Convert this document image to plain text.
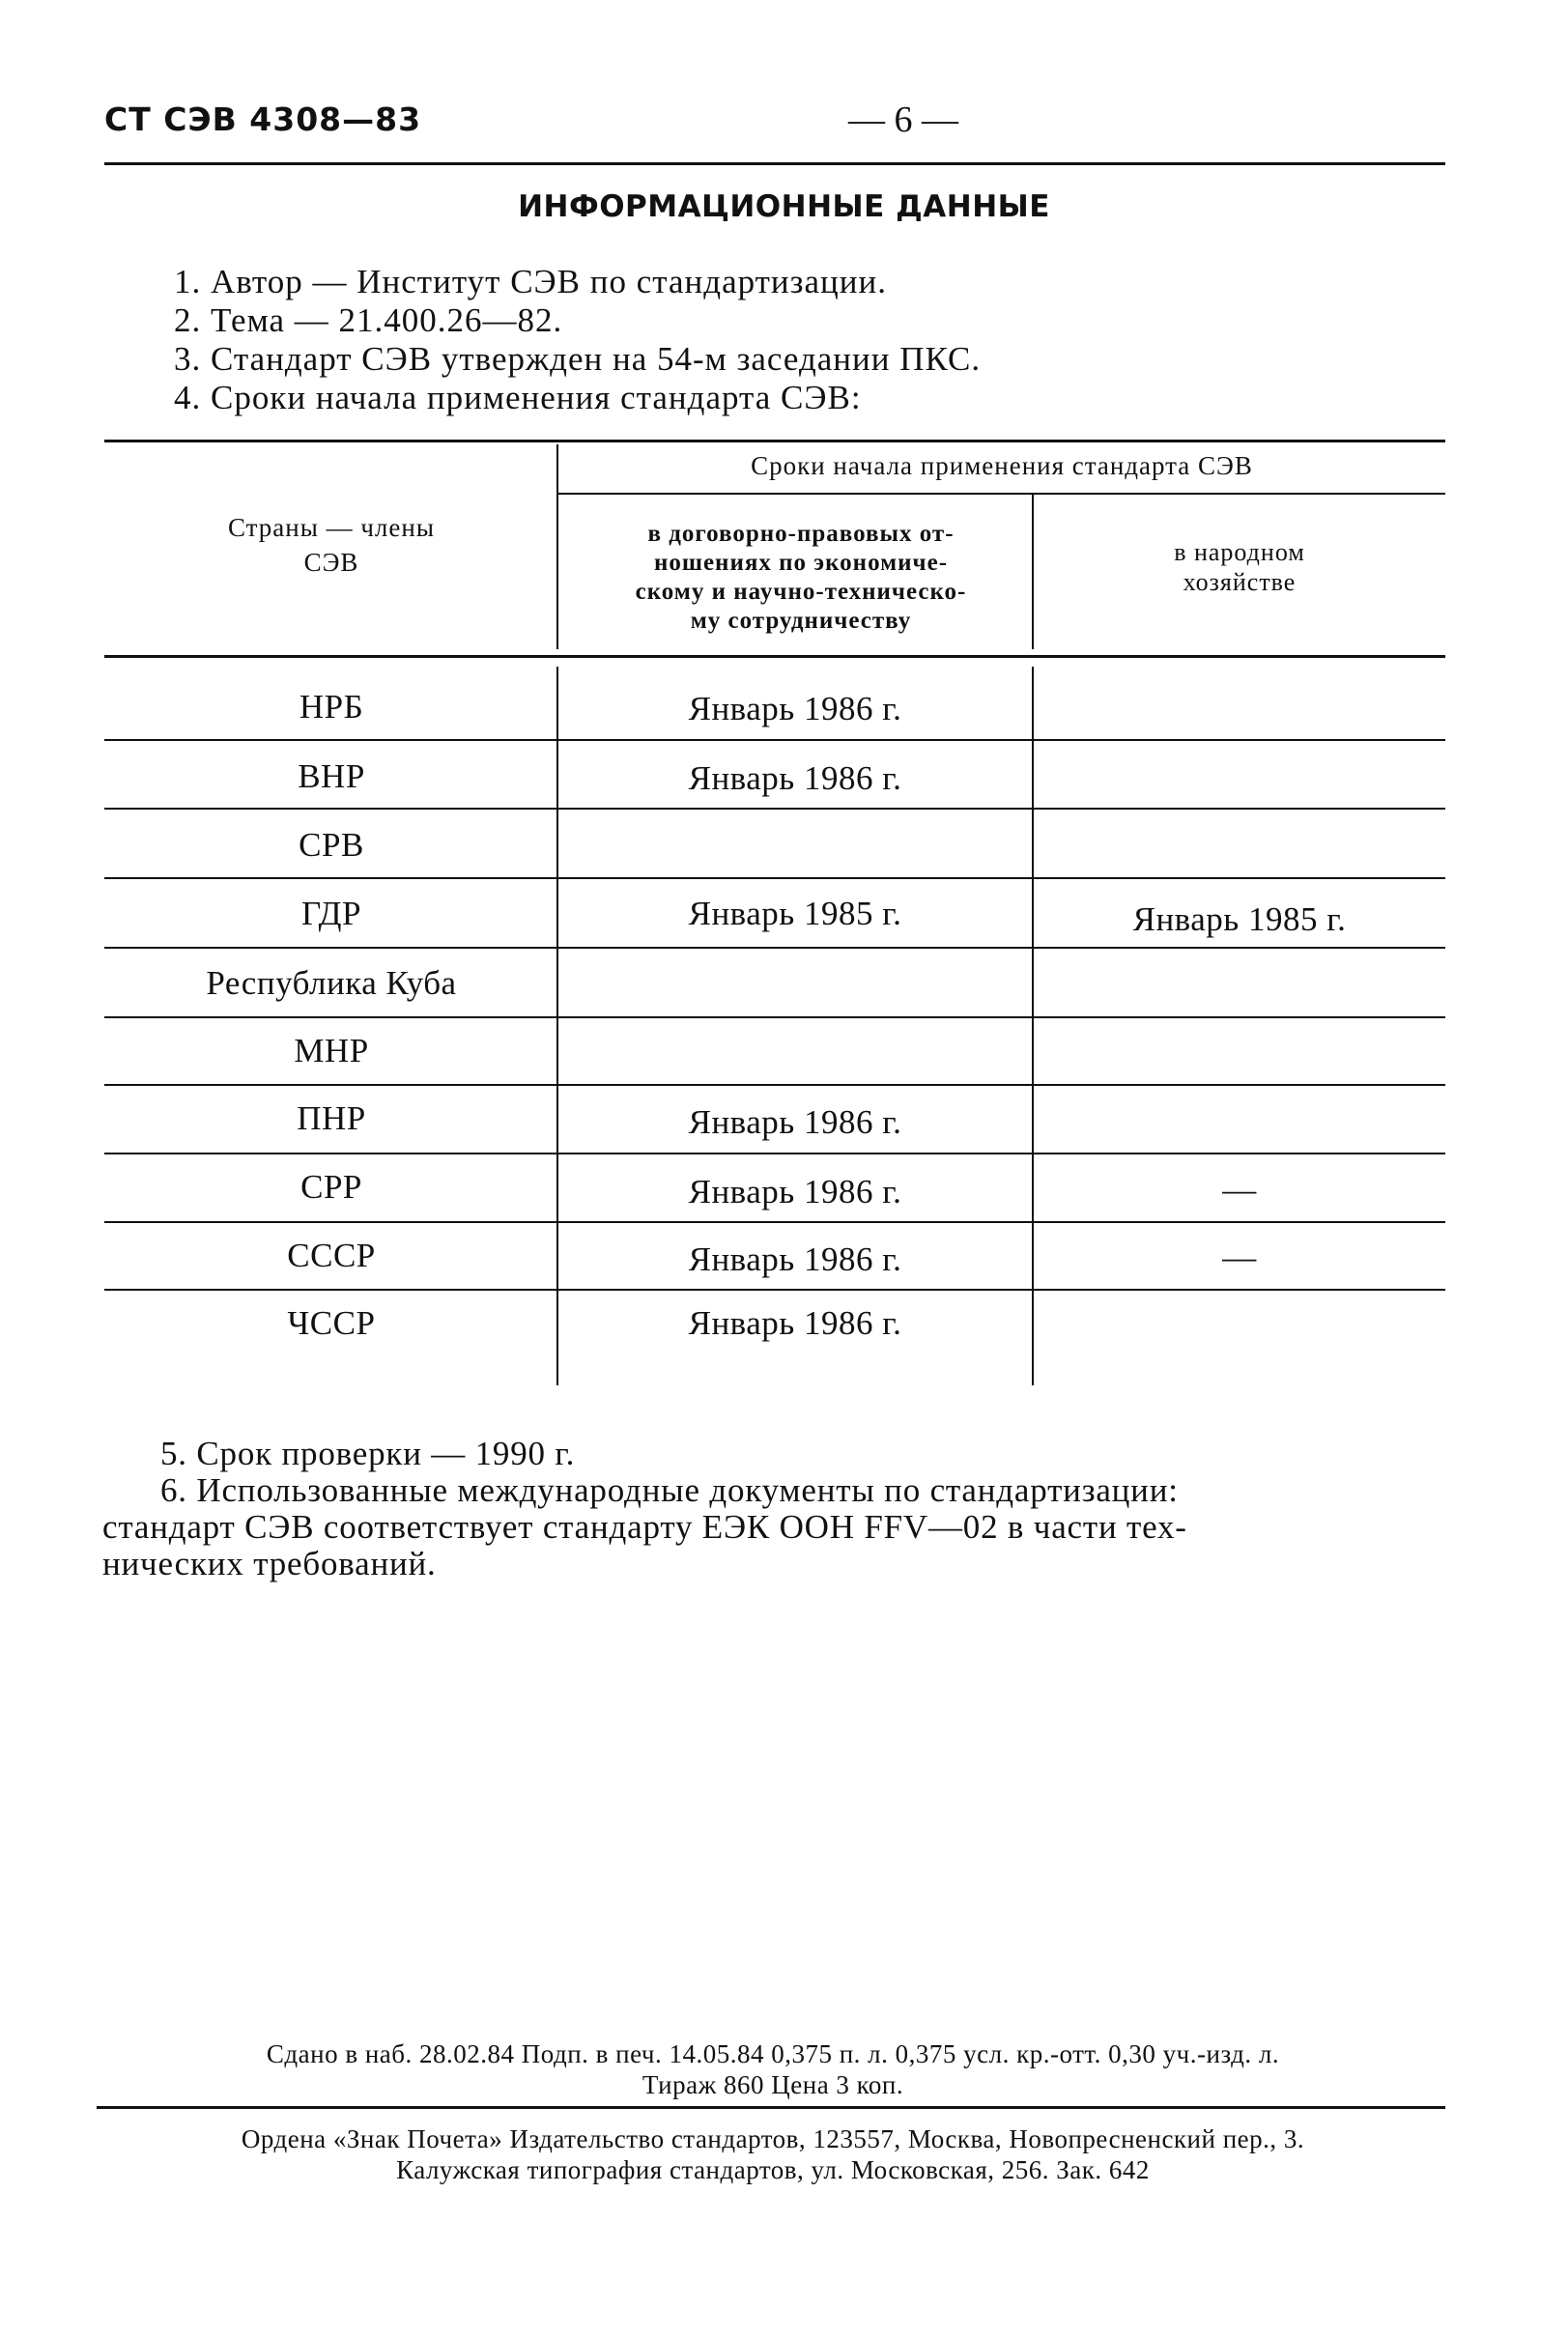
СТ СЭВ 4308—83	— 6 —
ИНФОРМАЦИОННЫЕ ДАННЫЕ
1. Автор — Институт СЭВ по стандартизации.
2. Тема — 21.400.26—82.
3. Стандарт СЭВ утвержден на 54-м заседании ПКС.
4. Сроки начала применения стандарта СЭВ:
Страны — члены
СЭВ
Сроки начала применения стандарта СЭВ
в договорно-правовых от-
ношениях по экономиче-
скому и научно-техническо-
му сотрудничеству
в народном
хозяйстве
НРБ	Январь 1986 г.
ВНР	Январь 1986 г.
СРВ
ГДР	Январь 1985 г.	Январь 1985 г.
Республика Куба
МНР
ПНР	Январь 1986 г.
СРР	Январь 1986 г.	—
СССР	Январь 1986 г.	—
ЧССР	Январь 1986 г.
5. Срок проверки — 1990 г.
6. Использованные международные документы по стандартизации:
стандарт СЭВ соответствует стандарту ЕЭК ООН FFV—02 в части тех-
нических требований.
Сдано в наб. 28.02.84 Подп. в печ. 14.05.84 0,375 п. л. 0,375 усл. кр.-отт. 0,30 уч.-изд. л.
Тираж 860 Цена 3 коп.
Ордена «Знак Почета» Издательство стандартов, 123557, Москва, Новопресненский пер., 3.
Калужская типография стандартов, ул. Московская, 256. Зак. 642
